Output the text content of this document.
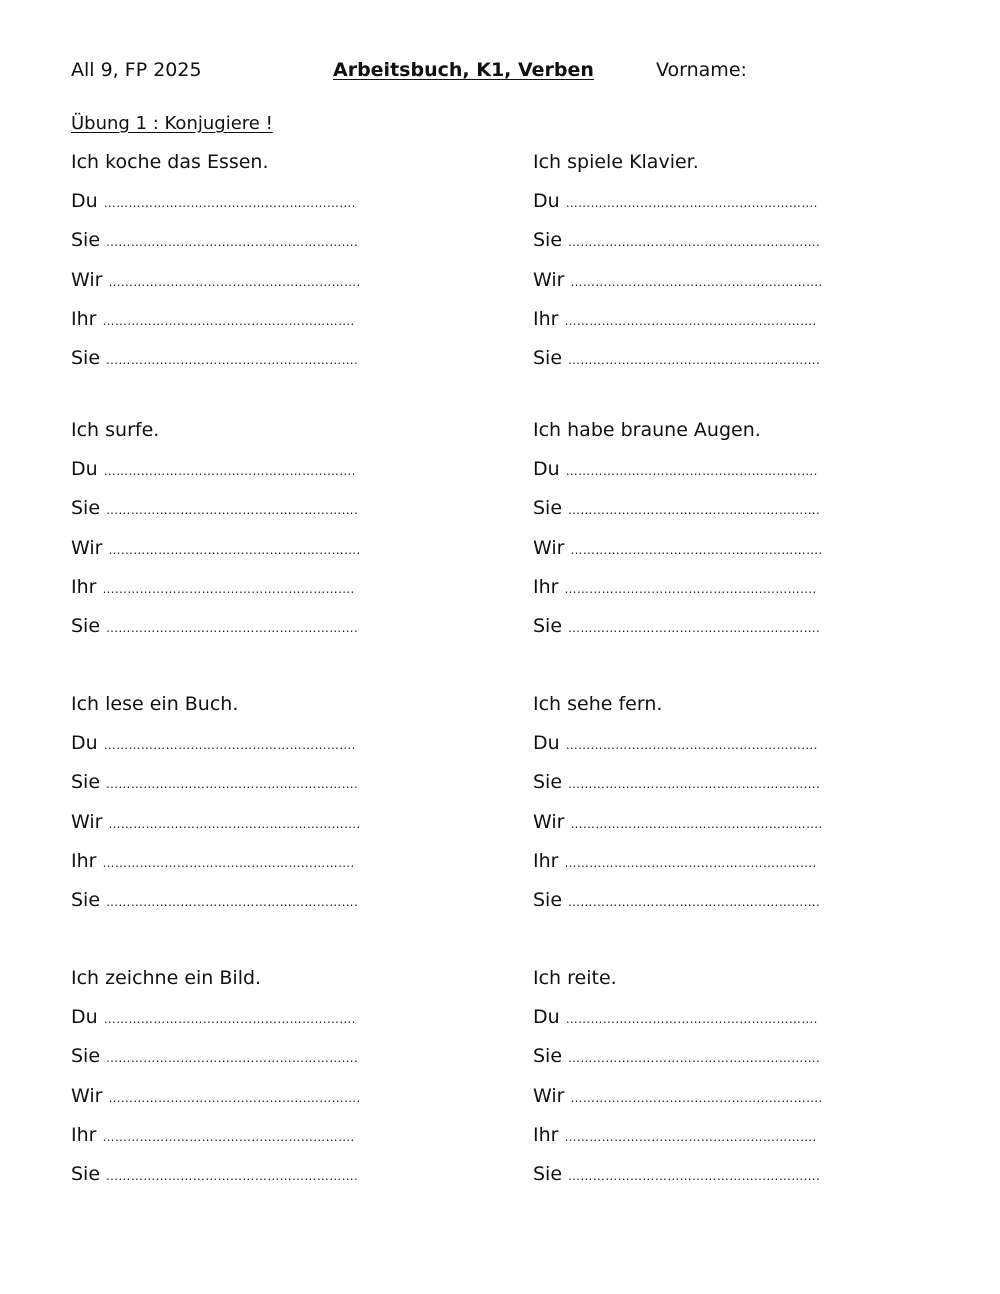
All 9, FP 2025	Arbeitsbuch, K1, Verben	Vorname:
Übung 1 : Konjugiere !
Ich koche das Essen.
Du …………………………………………………….
Sie …………………………………………………….
Wir …………………………………………………….
Ihr …………………………………………………….
Sie …………………………………………………….
Ich spiele Klavier.
Du …………………………………………………….
Sie …………………………………………………….
Wir …………………………………………………….
Ihr …………………………………………………….
Sie …………………………………………………….
Ich surfe.
Du …………………………………………………….
Sie …………………………………………………….
Wir …………………………………………………….
Ihr …………………………………………………….
Sie …………………………………………………….
Ich habe braune Augen.
Du …………………………………………………….
Sie …………………………………………………….
Wir …………………………………………………….
Ihr …………………………………………………….
Sie …………………………………………………….
Ich lese ein Buch.
Du …………………………………………………….
Sie …………………………………………………….
Wir …………………………………………………….
Ihr …………………………………………………….
Sie …………………………………………………….
Ich sehe fern.
Du …………………………………………………….
Sie …………………………………………………….
Wir …………………………………………………….
Ihr …………………………………………………….
Sie …………………………………………………….
Ich zeichne ein Bild.
Du …………………………………………………….
Sie …………………………………………………….
Wir …………………………………………………….
Ihr …………………………………………………….
Sie …………………………………………………….
Ich reite.
Du …………………………………………………….
Sie …………………………………………………….
Wir …………………………………………………….
Ihr …………………………………………………….
Sie …………………………………………………….
